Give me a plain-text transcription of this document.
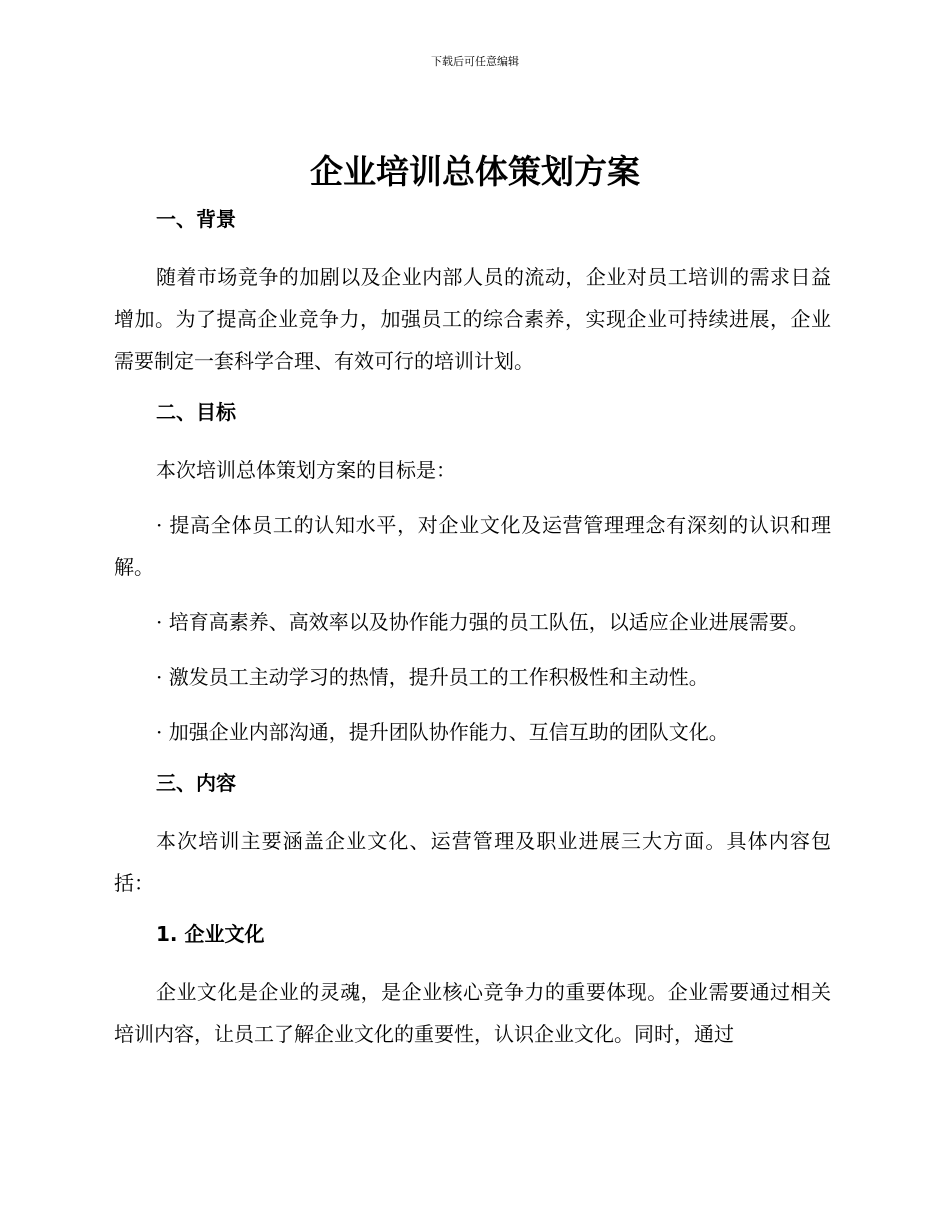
下载后可任意编辑
企业培训总体策划方案
一、背景

随着市场竞争的加剧以及企业内部人员的流动，企业对员工培训的需求日益增加。为了提高企业竞争力，加强员工的综合素养，实现企业可持续进展，企业需要制定一套科学合理、有效可行的培训计划。

二、目标

本次培训总体策划方案的目标是：

· 提高全体员工的认知水平，对企业文化及运营管理理念有深刻的认识和理解。

· 培育高素养、高效率以及协作能力强的员工队伍，以适应企业进展需要。

· 激发员工主动学习的热情，提升员工的工作积极性和主动性。

· 加强企业内部沟通，提升团队协作能力、互信互助的团队文化。

三、内容

本次培训主要涵盖企业文化、运营管理及职业进展三大方面。具体内容包括：

1. 企业文化

企业文化是企业的灵魂，是企业核心竞争力的重要体现。企业需要通过相关培训内容，让员工了解企业文化的重要性，认识企业文化。同时，通过
